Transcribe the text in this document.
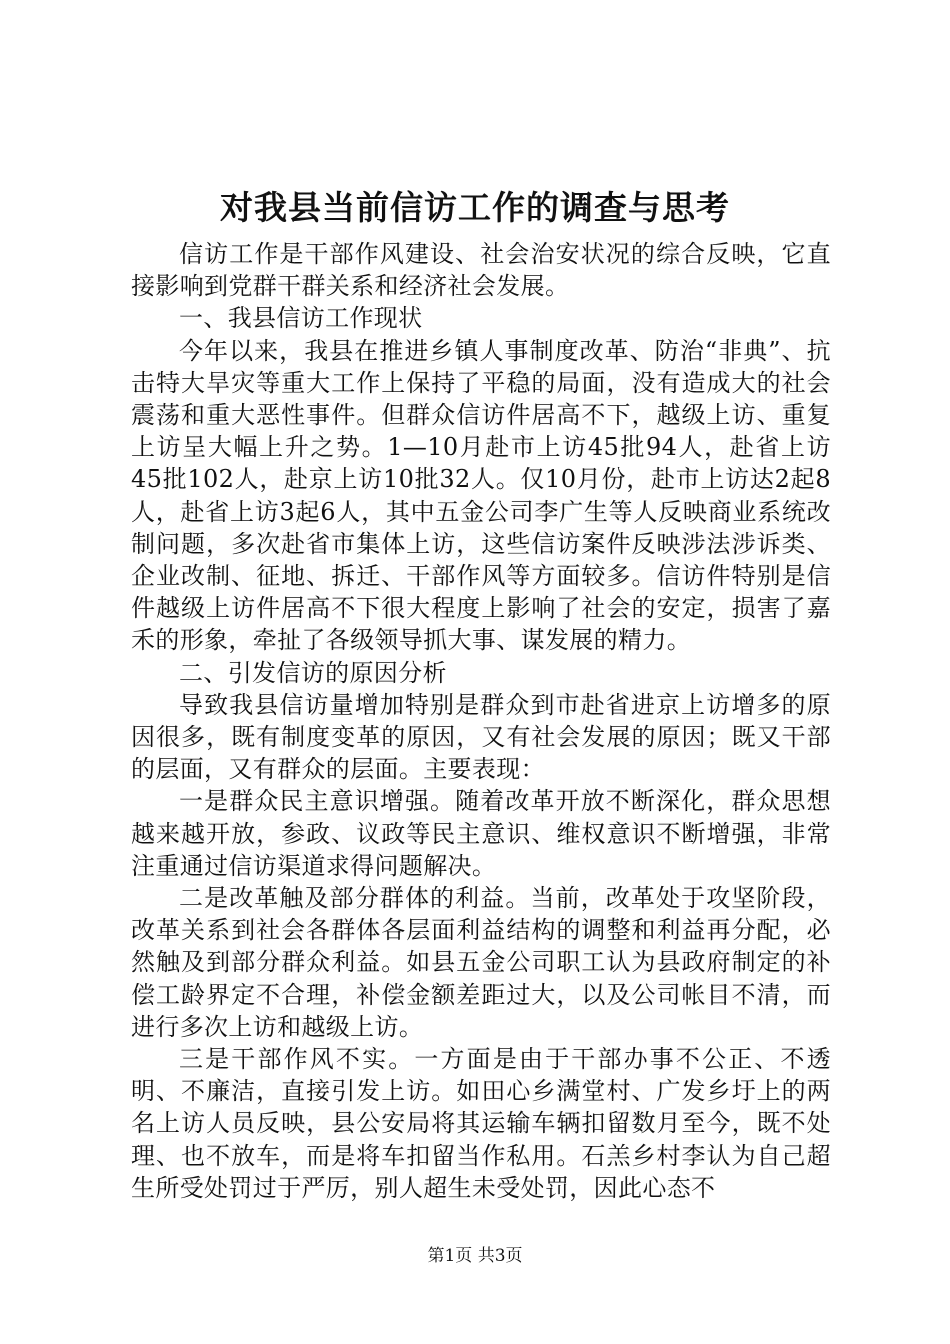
对我县当前信访工作的调查与思考

信访工作是干部作风建设、社会治安状况的综合反映，它直接影响到党群干群关系和经济社会发展。

一、我县信访工作现状

今年以来，我县在推进乡镇人事制度改革、防治“非典”、抗击特大旱灾等重大工作上保持了平稳的局面，没有造成大的社会震荡和重大恶性事件。但群众信访件居高不下，越级上访、重复上访呈大幅上升之势。1—10月赴市上访45批94人，赴省上访45批102人，赴京上访10批32人。仅10月份，赴市上访达2起8人，赴省上访3起6人，其中五金公司李广生等人反映商业系统改制问题，多次赴省市集体上访，这些信访案件反映涉法涉诉类、企业改制、征地、拆迁、干部作风等方面较多。信访件特别是信件越级上访件居高不下很大程度上影响了社会的安定，损害了嘉禾的形象，牵扯了各级领导抓大事、谋发展的精力。

二、引发信访的原因分析

导致我县信访量增加特别是群众到市赴省进京上访增多的原因很多，既有制度变革的原因，又有社会发展的原因；既又干部的层面，又有群众的层面。主要表现：

一是群众民主意识增强。随着改革开放不断深化，群众思想越来越开放，参政、议政等民主意识、维权意识不断增强，非常注重通过信访渠道求得问题解决。

二是改革触及部分群体的利益。当前，改革处于攻坚阶段，改革关系到社会各群体各层面利益结构的调整和利益再分配，必然触及到部分群众利益。如县五金公司职工认为县政府制定的补偿工龄界定不合理，补偿金额差距过大，以及公司帐目不清，而进行多次上访和越级上访。

三是干部作风不实。一方面是由于干部办事不公正、不透明、不廉洁，直接引发上访。如田心乡满堂村、广发乡圩上的两名上访人员反映，县公安局将其运输车辆扣留数月至今，既不处理、也不放车，而是将车扣留当作私用。石羔乡村李认为自己超生所受处罚过于严厉，别人超生未受处罚，因此心态不

第1页 共3页
